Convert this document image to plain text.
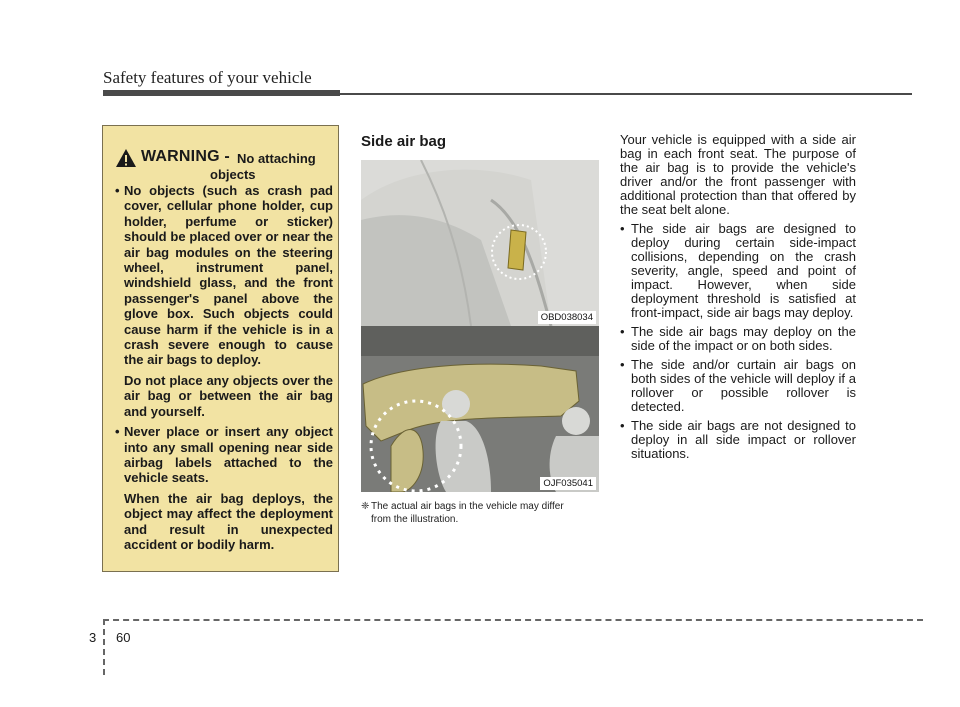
Safety features of your vehicle
WARNING - No attaching
objects
• No objects (such as crash pad cover, cellular phone holder, cup holder, perfume or sticker) should be placed over or near the air bag modules on the steering wheel, instrument panel, windshield glass, and the front passenger's panel above the glove box. Such objects could cause harm if the vehicle is in a crash severe enough to cause the air bags to deploy.
Do not place any objects over the air bag or between the air bag and yourself.
• Never place or insert any object into any small opening near side airbag labels attached to the vehicle seats.
When the air bag deploys, the object may affect the deployment and result in unexpected accident or bodily harm.
Side air bag
OBD038034
OJF035041
❈ The actual air bags in the vehicle may differ
from the illustration.

Your vehicle is equipped with a side air bag in each front seat. The purpose of the air bag is to provide the vehicle's driver and/or the front passenger with additional protection than that offered by the seat belt alone.

• The side air bags are designed to deploy during certain side-impact collisions, depending on the crash severity, angle, speed and point of impact. However, when side deployment threshold is satisfied at front-impact, side air bags may deploy.
• The side air bags may deploy on the side of the impact or on both sides.
• The side and/or curtain air bags on both sides of the vehicle will deploy if a rollover or possible rollover is detected.
• The side air bags are not designed to deploy in all side impact or rollover situations.
3 60
